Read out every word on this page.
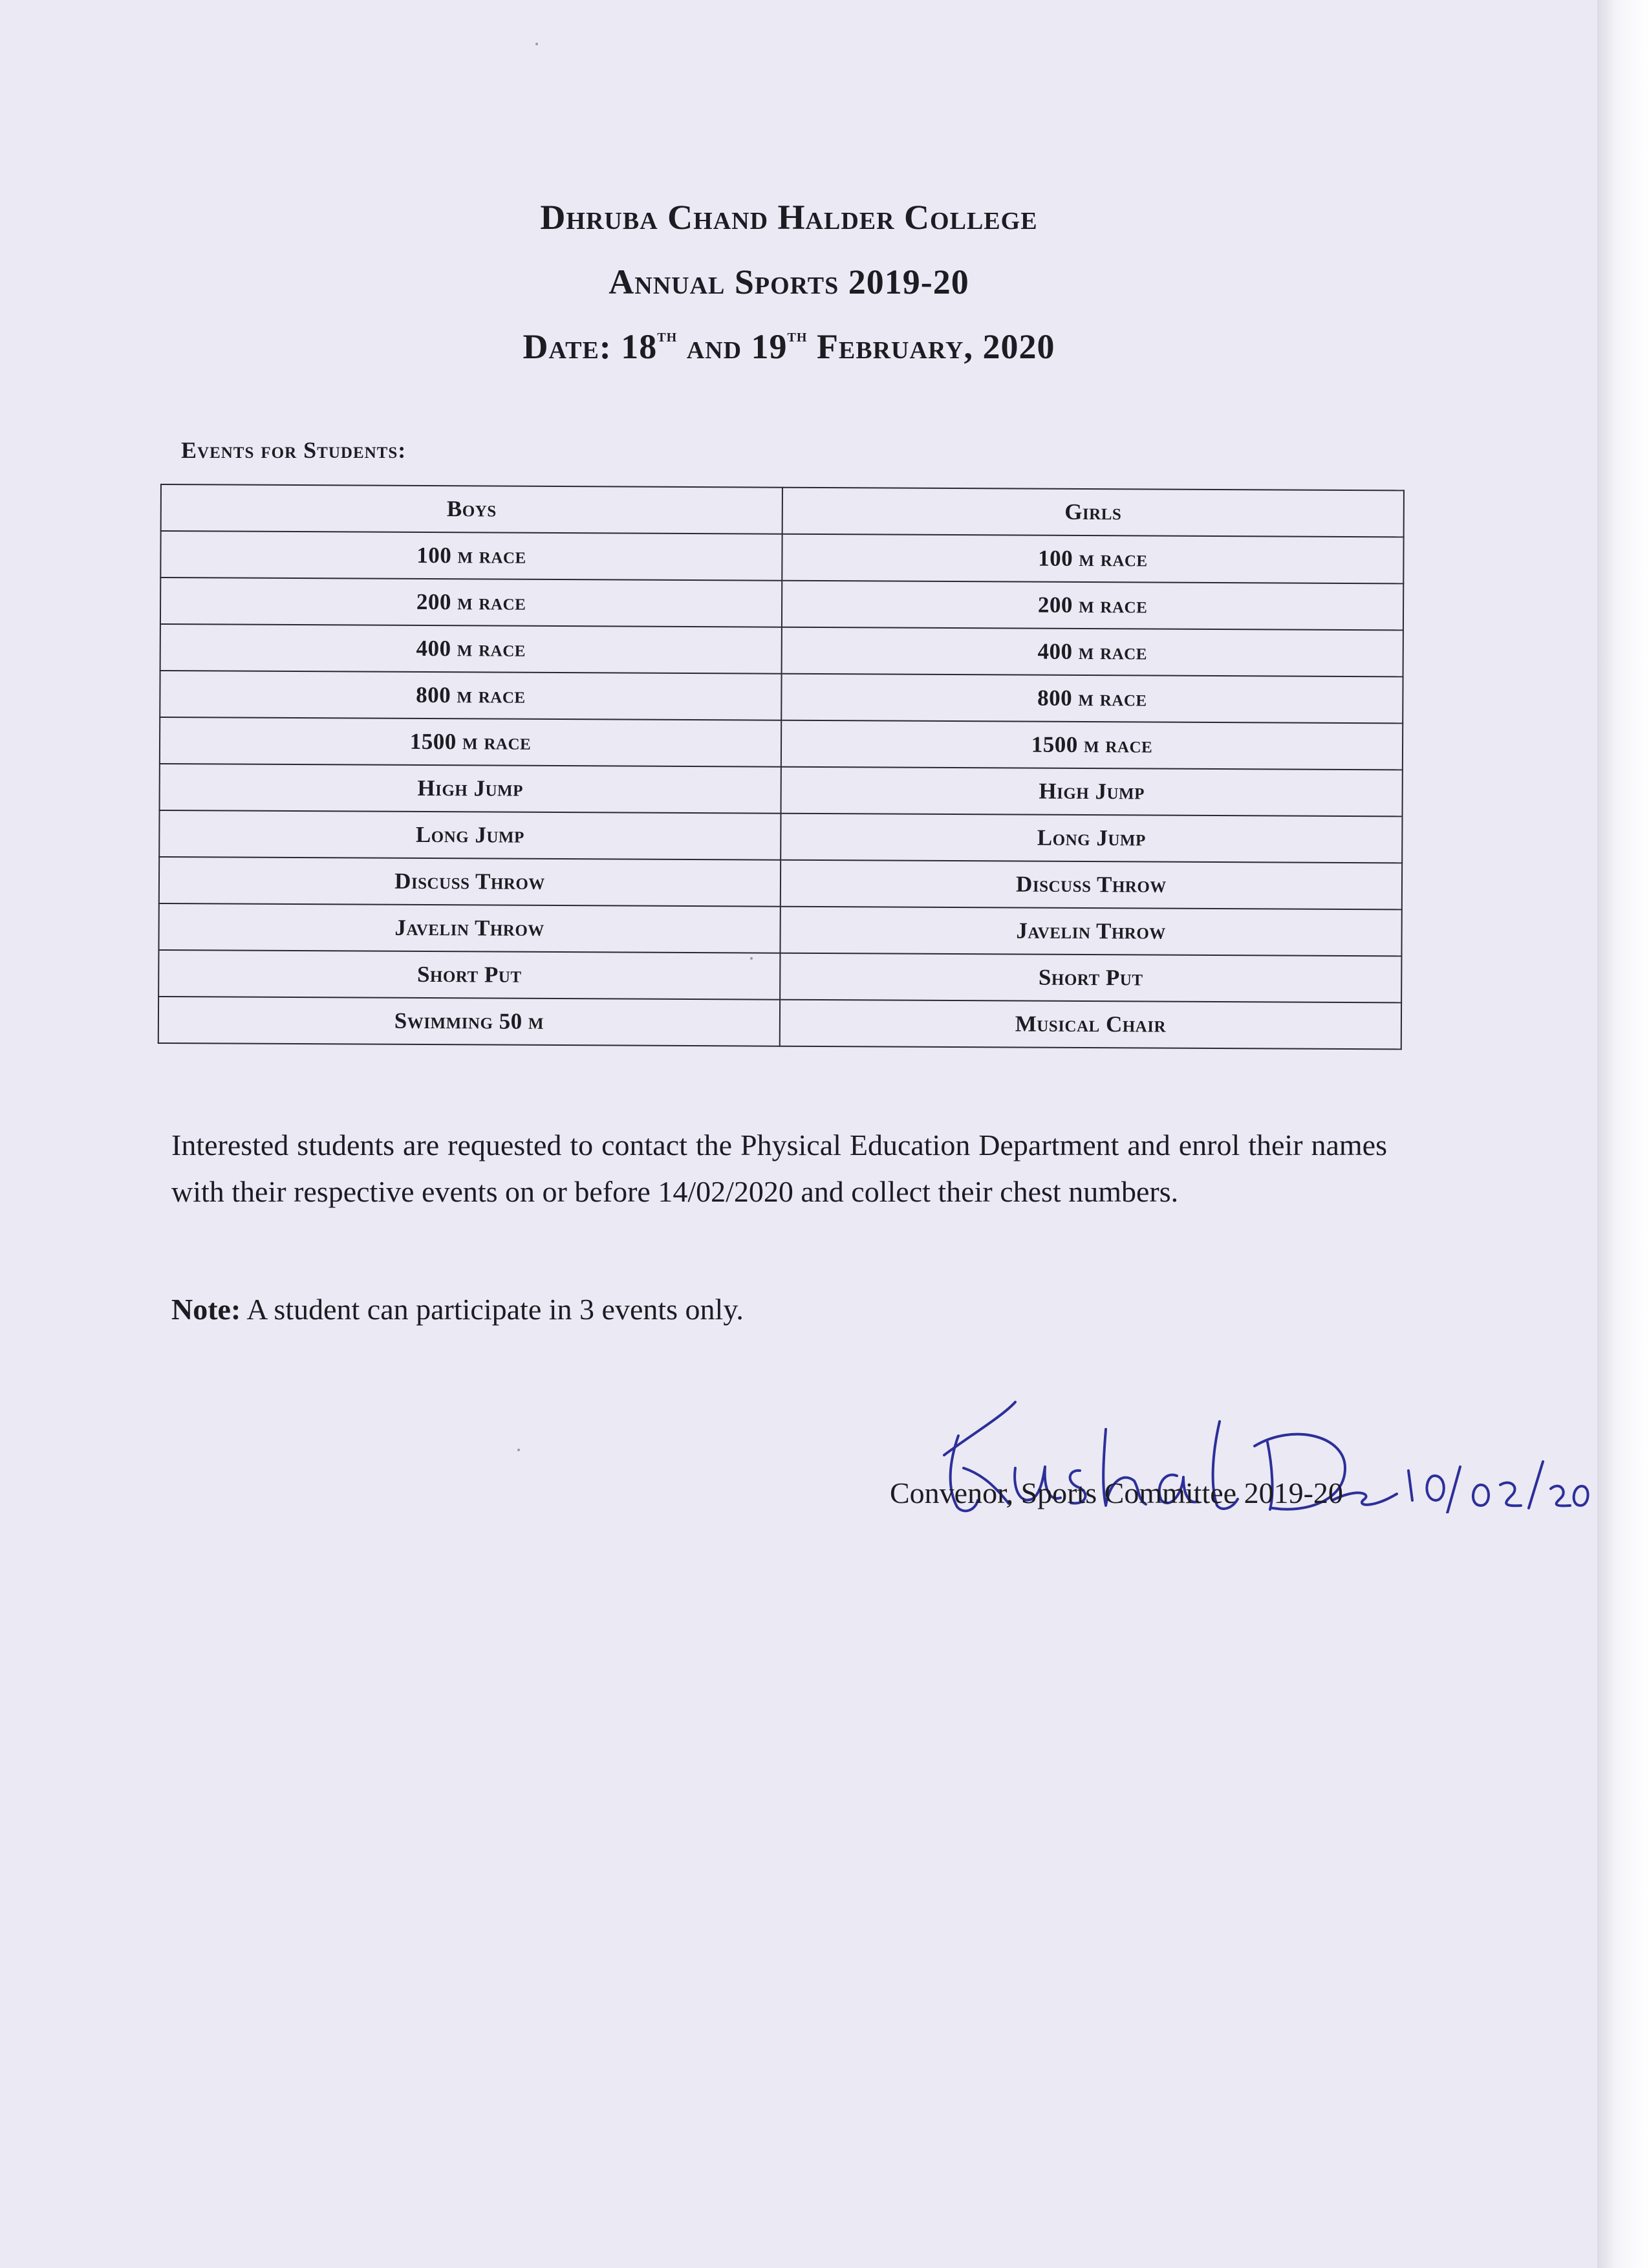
Dhruba Chand Halder College
Annual Sports 2019-20
Date: 18th and 19th February, 2020
Events for Students:
Boys	Girls
100 m race	100 m race
200 m race	200 m race
400 m race	400 m race
800 m race	800 m race
1500 m race	1500 m race
High Jump	High Jump
Long Jump	Long Jump
Discuss Throw	Discuss Throw
Javelin Throw	Javelin Throw
Short Put	Short Put
Swimming 50 m	Musical Chair
Interested students are requested to contact the Physical Education Department and enrol their names with their respective events on or before 14/02/2020 and collect their chest numbers.
Note: A student can participate in 3 events only.
Convenor, Sports Committee 2019-20
